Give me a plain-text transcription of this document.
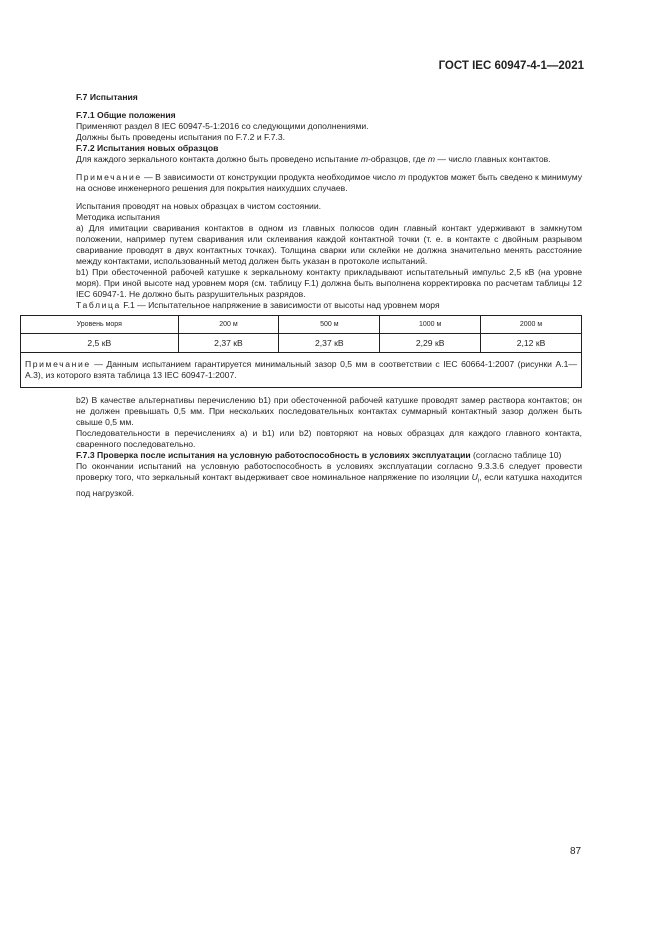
ГОСТ IEC 60947-4-1—2021

F.7 Испытания

F.7.1 Общие положения

Применяют раздел 8 IEC 60947-5-1:2016 со следующими дополнениями.

Должны быть проведены испытания по F.7.2 и F.7.3.

F.7.2 Испытания новых образцов

Для каждого зеркального контакта должно быть проведено испытание m-образцов, где m — число главных контактов.

Примечание — В зависимости от конструкции продукта необходимое число m продуктов может быть сведено к минимуму на основе инженерного решения для покрытия наихудших случаев.

Испытания проводят на новых образцах в чистом состоянии.

Методика испытания

а) Для имитации сваривания контактов в одном из главных полюсов один главный контакт удерживают в замкнутом положении, например путем сваривания или склеивания каждой контактной точки (т. е. в контакте с двойным разрывом сваривание проводят в двух контактных точках). Толщина сварки или склейки не должна значительно менять расстояние между контактами, использованный метод должен быть указан в протоколе испытаний.

b1) При обесточенной рабочей катушке к зеркальному контакту прикладывают испытательный импульс 2,5 кВ (на уровне моря). При иной высоте над уровнем моря (см. таблицу F.1) должна быть выполнена корректировка по расчетам таблицы 12 IEC 60947-1. Не должно быть разрушительных разрядов.

Таблица F.1 — Испытательное напряжение в зависимости от высоты над уровнем моря

Уровень моря	200 м	500 м	1000 м	2000 м
2,5 кВ	2,37 кВ	2,37 кВ	2,29 кВ	2,12 кВ
Примечание — Данным испытанием гарантируется минимальный зазор 0,5 мм в соответствии с IEC 60664-1:2007 (рисунки А.1—А.3), из которого взята таблица 13 IEC 60947-1:2007.				

b2) В качестве альтернативы перечислению b1) при обесточенной рабочей катушке проводят замер раствора контактов; он не должен превышать 0,5 мм. При нескольких последовательных контактах суммарный контактный зазор должен быть свыше 0,5 мм.

Последовательности в перечислениях а) и b1) или b2) повторяют на новых образцах для каждого главного контакта, сваренного последовательно.

F.7.3 Проверка после испытания на условную работоспособность в условиях эксплуатации (согласно таблице 10)

По окончании испытаний на условную работоспособность в условиях эксплуатации согласно 9.3.3.6 следует провести проверку того, что зеркальный контакт выдерживает свое номинальное напряжение по изоляции $U_i$, если катушка находится под нагрузкой.

87
